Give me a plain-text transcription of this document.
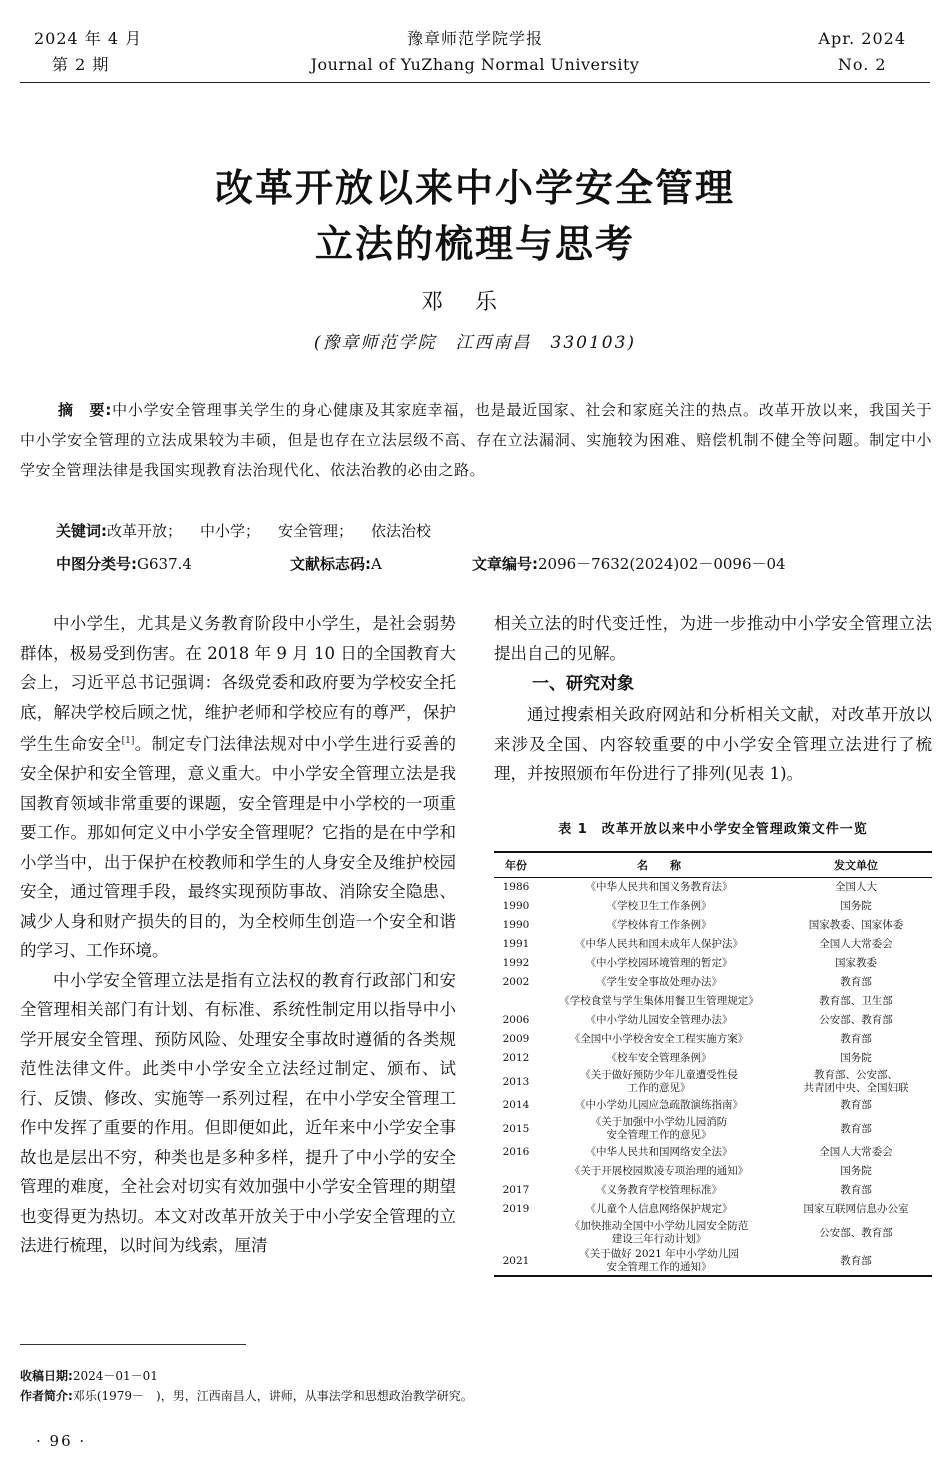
2024 年 4 月
第 2 期
豫章师范学院学报
Journal of YuZhang Normal University
Apr. 2024
No. 2
改革开放以来中小学安全管理
立法的梳理与思考
邓乐
(豫章师范学院　江西南昌　330103)
摘　要:中小学安全管理事关学生的身心健康及其家庭幸福，也是最近国家、社会和家庭关注的热点。改革开放以来，我国关于中小学安全管理的立法成果较为丰硕，但是也存在立法层级不高、存在立法漏洞、实施较为困难、赔偿机制不健全等问题。制定中小学安全管理法律是我国实现教育法治现代化、依法治教的必由之路。
关键词:改革开放； 中小学； 安全管理； 依法治校
中图分类号:G637.4	文献标志码:A	文章编号:2096－7632(2024)02－0096－04

中小学生，尤其是义务教育阶段中小学生，是社会弱势群体，极易受到伤害。在 2018 年 9 月 10 日的全国教育大会上，习近平总书记强调：各级党委和政府要为学校安全托底，解决学校后顾之忧，维护老师和学校应有的尊严，保护学生生命安全[1]。制定专门法律法规对中小学生进行妥善的安全保护和安全管理，意义重大。中小学安全管理立法是我国教育领域非常重要的课题，安全管理是中小学校的一项重要工作。那如何定义中小学安全管理呢？它指的是在中学和小学当中，出于保护在校教师和学生的人身安全及维护校园安全，通过管理手段，最终实现预防事故、消除安全隐患、减少人身和财产损失的目的，为全校师生创造一个安全和谐的学习、工作环境。

中小学安全管理立法是指有立法权的教育行政部门和安全管理相关部门有计划、有标准、系统性制定用以指导中小学开展安全管理、预防风险、处理安全事故时遵循的各类规范性法律文件。此类中小学安全立法经过制定、颁布、试行、反馈、修改、实施等一系列过程，在中小学安全管理工作中发挥了重要的作用。但即便如此，近年来中小学安全事故也是层出不穷，种类也是多种多样，提升了中小学的安全管理的难度，全社会对切实有效加强中小学安全管理的期望也变得更为热切。本文对改革开放关于中小学安全管理的立法进行梳理，以时间为线索，厘清

相关立法的时代变迁性，为进一步推动中小学安全管理立法提出自己的见解。

一、研究对象

通过搜索相关政府网站和分析相关文献，对改革开放以来涉及全国、内容较重要的中小学安全管理立法进行了梳理，并按照颁布年份进行了排列(见表 1)。

表 1　改革开放以来中小学安全管理政策文件一览
年份	名　　称	发文单位
1986	《中华人民共和国义务教育法》	全国人大
1990	《学校卫生工作条例》	国务院
1990	《学校体育工作条例》	国家教委、国家体委
1991	《中华人民共和国未成年人保护法》	全国人大常委会
1992	《中小学校园环境管理的暂定》	国家教委
2002	《学生安全事故处理办法》	教育部
	《学校食堂与学生集体用餐卫生管理规定》	教育部、卫生部
2006	《中小学幼儿园安全管理办法》	公安部、教育部
2009	《全国中小学校舍安全工程实施方案》	教育部
2012	《校车安全管理条例》	国务院
2013	《关于做好预防少年儿童遭受性侵
工作的意见》	教育部、公安部、
共青团中央、全国妇联
2014	《中小学幼儿园应急疏散演练指南》	教育部
2015	《关于加强中小学幼儿园消防
安全管理工作的意见》	教育部
2016	《中华人民共和国网络安全法》	全国人大常委会
	《关于开展校园欺凌专项治理的通知》	国务院
2017	《义务教育学校管理标准》	教育部
2019	《儿童个人信息网络保护规定》	国家互联网信息办公室
	《加快推动全国中小学幼儿园安全防范
建设三年行动计划》	公安部、教育部
2021	《关于做好 2021 年中小学幼儿园
安全管理工作的通知》	教育部
收稿日期:2024－01－01
作者简介:邓乐(1979－　)，男，江西南昌人，讲师，从事法学和思想政治教学研究。
· 96 ·
